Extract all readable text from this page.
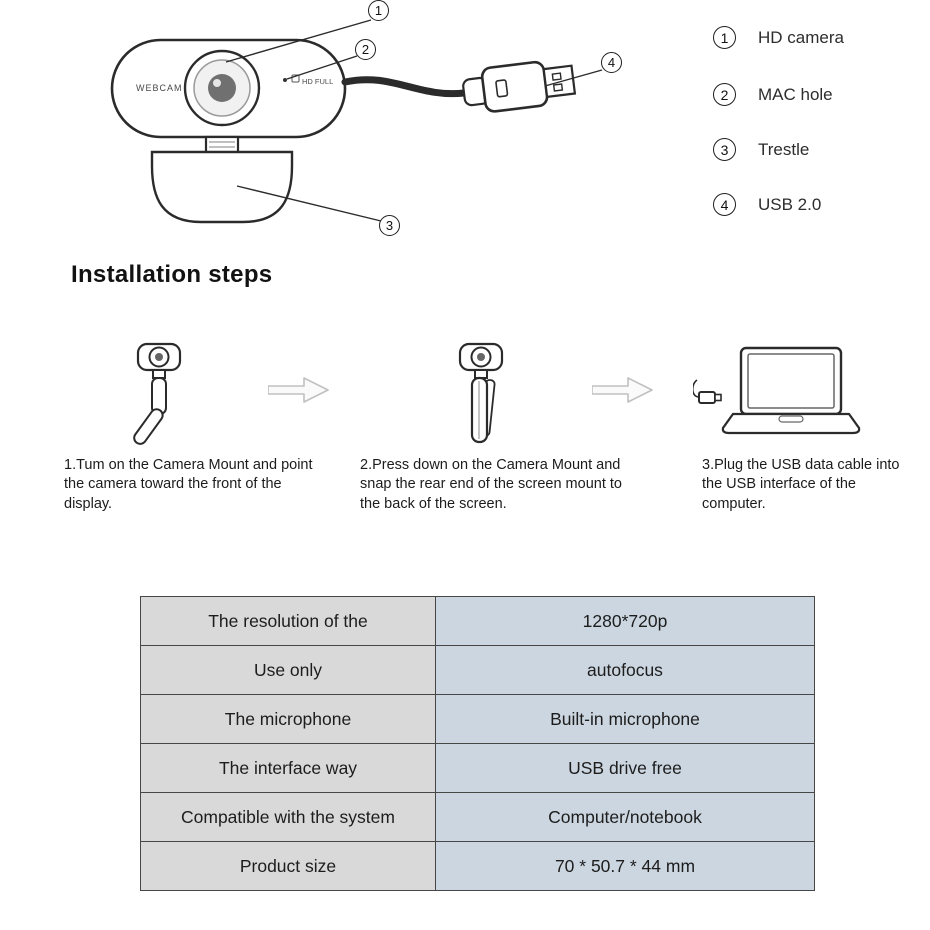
WEBCAM
HD FULL
1
2
3
4
1	HD camera
2	MAC hole
3	Trestle
4	USB 2.0
Installation steps
1.Tum on the Camera Mount and point the camera toward the front of the display.
2.Press down on the Camera Mount and snap the rear end of the screen mount to the back of the screen.
3.Plug the USB data cable into the USB interface of the computer.
The resolution of the	1280*720p
Use only	autofocus
The microphone	Built-in microphone
The interface way	USB drive free
Compatible with the system	Computer/notebook
Product size	70 * 50.7 * 44 mm
